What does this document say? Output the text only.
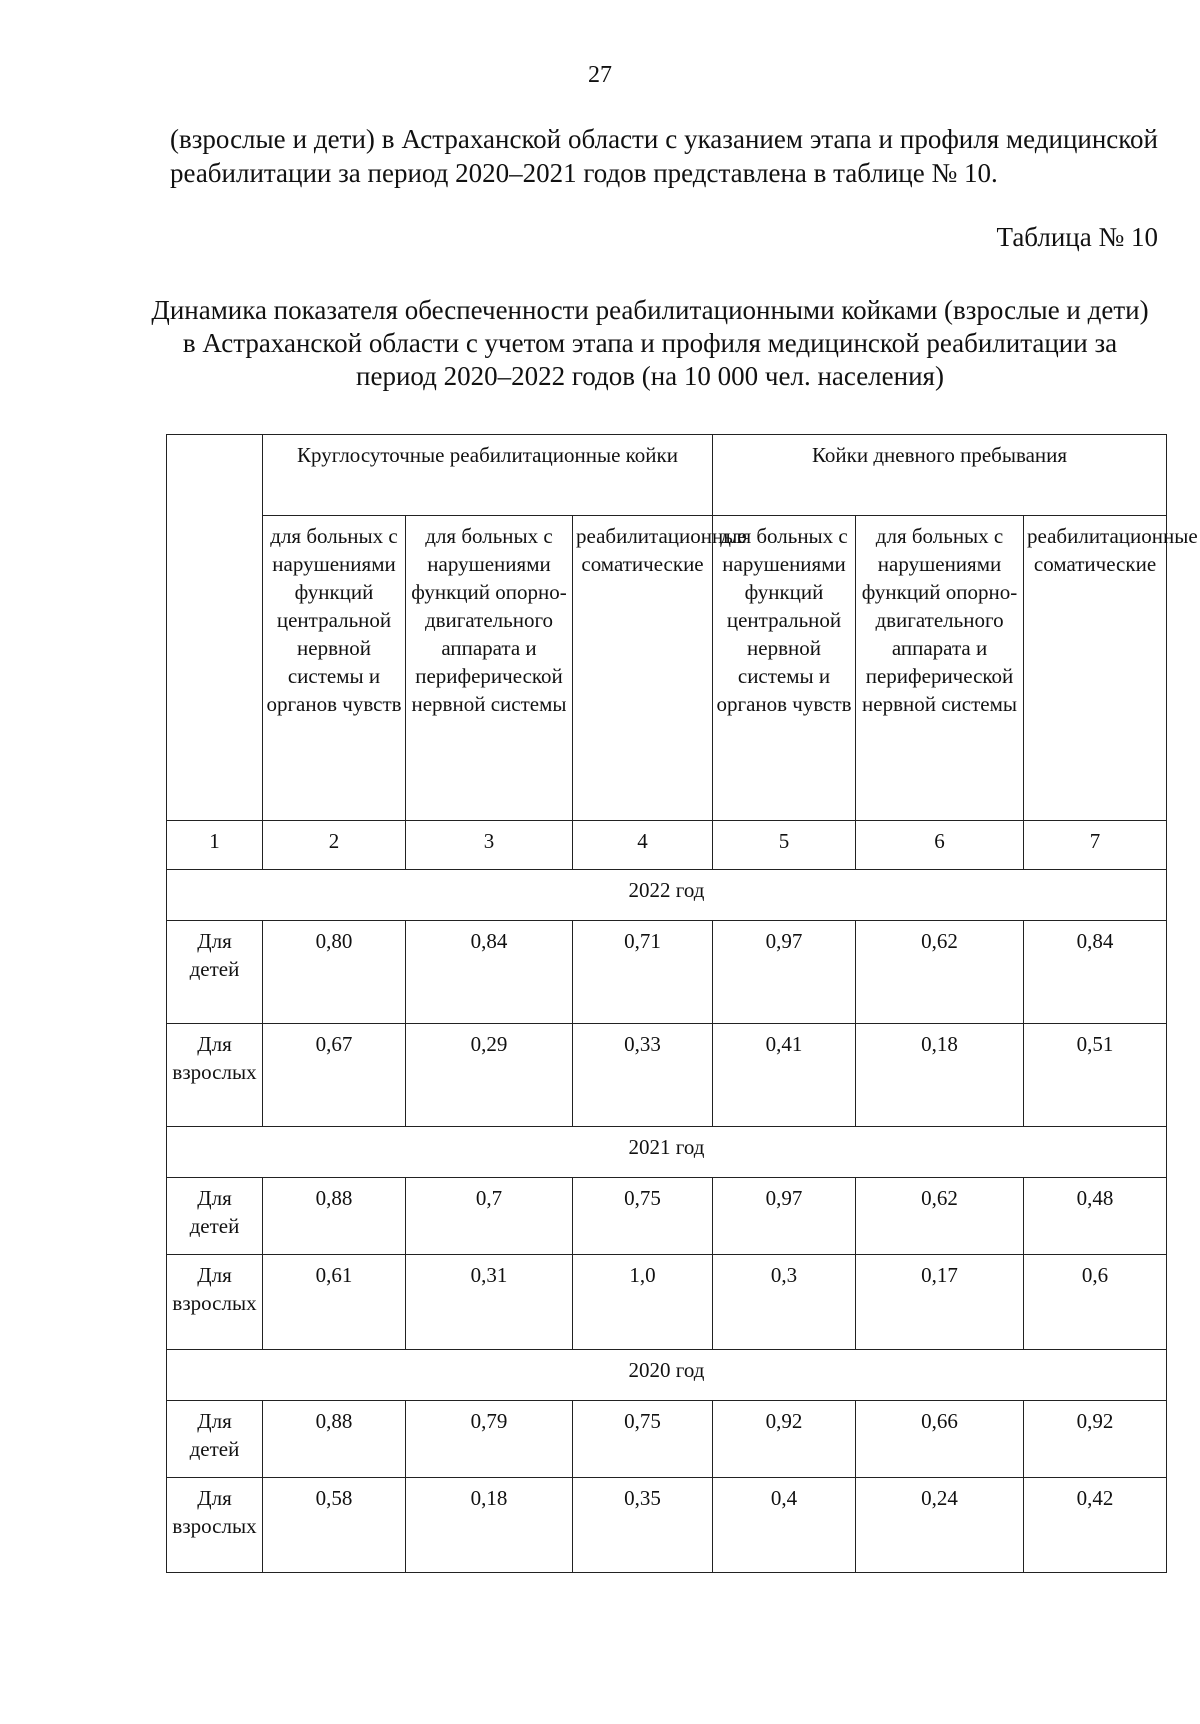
27
(взрослые и дети) в Астраханской области с указанием этапа и профиля медицинской реабилитации за период 2020–2021 годов представлена в таблице № 10.
Таблица № 10
Динамика показателя обеспеченности реабилитационными койками (взрослые и дети) в Астраханской области с учетом этапа и профиля медицинской реабилитации за период 2020–2022 годов (на 10 000 чел. населения)
	Круглосуточные реабилитационные койки			Койки дневного пребывания		
	для больных с нарушениями функций центральной нервной системы и органов чувств	для больных с нарушениями функций опорно-двигательного аппарата и периферической нервной системы	реабилитационные соматические	для больных с нарушениями функций центральной нервной системы и органов чувств	для больных с нарушениями функций опорно-двигательного аппарата и периферической нервной системы	реабилитационные соматические
1	2	3	4	5	6	7
2022 год						
Для детей	0,80	0,84	0,71	0,97	0,62	0,84
Для взрослых	0,67	0,29	0,33	0,41	0,18	0,51
2021 год						
Для детей	0,88	0,7	0,75	0,97	0,62	0,48
Для взрослых	0,61	0,31	1,0	0,3	0,17	0,6
2020 год						
Для детей	0,88	0,79	0,75	0,92	0,66	0,92
Для взрослых	0,58	0,18	0,35	0,4	0,24	0,42
